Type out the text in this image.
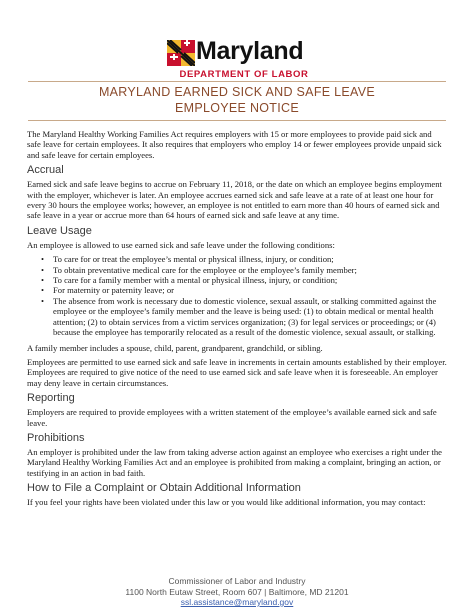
Maryland
DEPARTMENT OF LABOR
MARYLAND EARNED SICK AND SAFE LEAVE
EMPLOYEE NOTICE

The Maryland Healthy Working Families Act requires employers with 15 or more employees to provide paid sick and safe leave for certain employees. It also requires that employers who employ 14 or fewer employees provide unpaid sick and safe leave for certain employees.

Accrual

Earned sick and safe leave begins to accrue on February 11, 2018, or the date on which an employee begins employment with the employer, whichever is later. An employee accrues earned sick and safe leave at a rate of at least one hour for every 30 hours the employee works; however, an employee is not entitled to earn more than 40 hours of earned sick and safe leave in a year or accrue more than 64 hours of earned sick and safe leave at any time.

Leave Usage

An employee is allowed to use earned sick and safe leave under the following conditions:

• To care for or treat the employee’s mental or physical illness, injury, or condition;
• To obtain preventative medical care for the employee or the employee’s family member;
• To care for a family member with a mental or physical illness, injury, or condition;
• For maternity or paternity leave; or
• The absence from work is necessary due to domestic violence, sexual assault, or stalking committed against the employee or the employee’s family member and the leave is being used: (1) to obtain medical or mental health attention; (2) to obtain services from a victim services organization; (3) for legal services or proceedings; or (4) because the employee has temporarily relocated as a result of the domestic violence, sexual assault, or stalking.

A family member includes a spouse, child, parent, grandparent, grandchild, or sibling.

Employees are permitted to use earned sick and safe leave in increments in certain amounts established by their employer. Employees are required to give notice of the need to use earned sick and safe leave when it is foreseeable. An employer may deny leave in certain circumstances.

Reporting

Employers are required to provide employees with a written statement of the employee’s available earned sick and safe leave.

Prohibitions

An employer is prohibited under the law from taking adverse action against an employee who exercises a right under the Maryland Healthy Working Families Act and an employee is prohibited from making a complaint, bringing an action, or testifying in an action in bad faith.

How to File a Complaint or Obtain Additional Information

If you feel your rights have been violated under this law or you would like additional information, you may contact:

Commissioner of Labor and Industry
1100 North Eutaw Street, Room 607 | Baltimore, MD 21201
ssl.assistance@maryland.gov
